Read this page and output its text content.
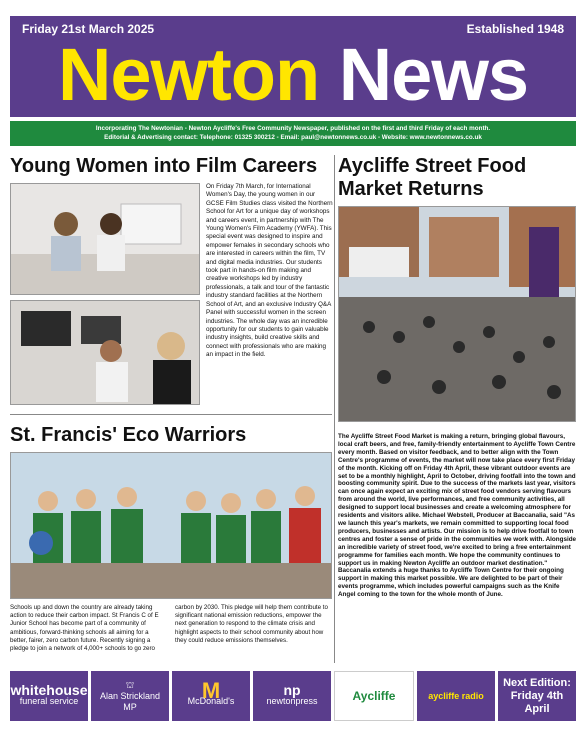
Friday 21st March 2025	Established 1948
Newton News
Incorporating The Newtonian - Newton Aycliffe's Free Community Newspaper, published on the first and third Friday of each month.
Editorial & Advertising contact: Telephone: 01325 300212 - Email: paul@newtonnews.co.uk - Website: www.newtonnews.co.uk
Young Women into Film Careers
On Friday 7th March, for International Women's Day, the young women in our GCSE Film Studies class visited the Northern School for Art for a unique day of workshops and careers event, in partnership with The Young Women's Film Academy (YWFA). This special event was designed to inspire and empower females in secondary schools who are interested in careers within the film, TV and digital media industries. Our students took part in hands-on film making and creative workshops led by industry professionals, a talk and tour of the fantastic industry standard facilities at the Northern School of Art, and an exclusive Industry Q&A Panel with successful women in the screen industries. The whole day was an incredible opportunity for our students to gain valuable industry insights, build creative skills and connect with professionals who are making an impact in the field.
St. Francis' Eco Warriors
Schools up and down the country are already taking action to reduce their carbon impact. St Francis C of E Junior School has become part of a community of ambitious, forward-thinking schools all aiming for a better, fairer, zero carbon future. Recently signing a pledge to join a network of 4,000+ schools to go zero carbon by 2030. This pledge will help them contribute to significant national emission reductions, empower the next generation to respond to the climate crisis and highlight aspects to their school community about how they could reduce emissions themselves.
Aycliffe Street Food Market Returns
The Aycliffe Street Food Market is making a return, bringing global flavours, local craft beers, and free, family-friendly entertainment to Aycliffe Town Centre every month. Based on visitor feedback, and to better align with the Town Centre's programme of events, the market will now take place every first Friday of the month. Kicking off on Friday 4th April, these vibrant outdoor events are set to be a monthly highlight, April to October, driving footfall into the town and boosting community spirit. Due to the success of the markets last year, visitors can once again expect an exciting mix of street food vendors serving flavours from around the world, live performances, and free community activities, all designed to support local businesses and create a welcoming atmosphere for residents and visitors alike. Michael Webstell, Producer at Baccanalia, said "As we launch this year's markets, we remain committed to supporting local food producers, businesses and artists. Our mission is to help drive footfall to town centres and foster a sense of pride in the communities we work with. Alongside an incredible variety of street food, we're excited to bring a free entertainment programme for families each month. We hope the community continues to support us in making Newton Aycliffe an outdoor market destination." Baccanalia extends a huge thanks to Aycliffe Town Centre for their ongoing support in making this market possible. We are delighted to be part of their events programme, which includes powerful campaigns such as the Knife Angel coming to the town for the whole month of June.
whitehouse
funeral service
⛫
Alan Strickland
MP
M
McDonald's
np
newtonpress	Aycliffe	aycliffe radio
Next Edition:
Friday 4th April
